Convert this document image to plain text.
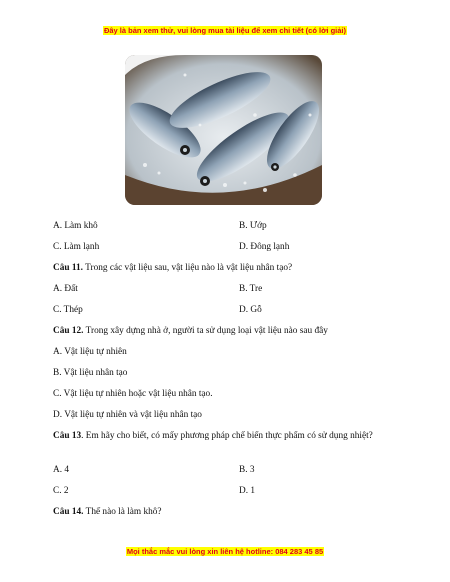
Đây là bản xem thử, vui lòng mua tài liệu để xem chi tiết (có lời giải)
A. Làm khô	B. Ướp
C. Làm lạnh	D. Đông lạnh
Câu 11. Trong các vật liệu sau, vật liệu nào là vật liệu nhân tạo?
A. Đất	B. Tre
C. Thép	D. Gỗ
Câu 12. Trong xây dựng nhà ở, người ta sử dụng loại vật liệu nào sau đây
A. Vật liệu tự nhiên
B. Vật liệu nhân tạo
C. Vật liệu tự nhiên hoặc vật liệu nhân tạo.
D. Vật liệu tự nhiên và vật liệu nhân tạo
Câu 13. Em hãy cho biết, có mấy phương pháp chế biến thực phẩm có sử dụng nhiệt?
A. 4	B. 3
C. 2	D. 1
Câu 14. Thế nào là làm khô?
Mọi thắc mắc vui lòng xin liên hệ hotline: 084 283 45 85
